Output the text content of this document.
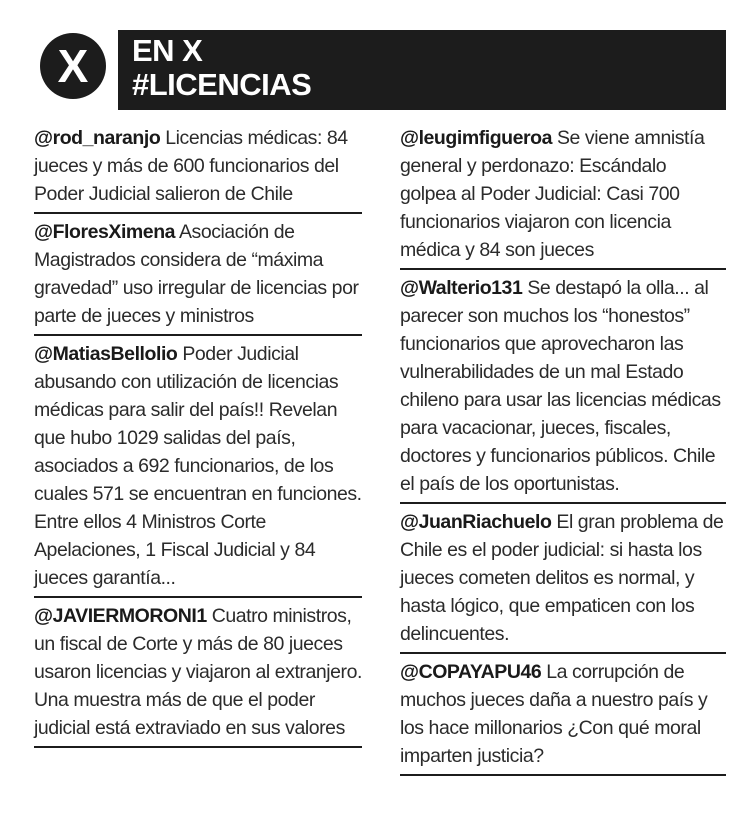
X	EN X
#LICENCIAS
@rod_naranjo Licencias médicas: 84 jueces y más de 600 funcionarios del Poder Judicial salieron de Chile
@FloresXimena Asociación de Magistrados considera de “máxima gravedad” uso irregular de licencias por parte de jueces y ministros
@MatiasBellolio Poder Judicial abusando con utilización de licencias médicas para salir del país!! Revelan que hubo 1029 salidas del país, asociados a 692 funcionarios, de los cuales 571 se encuentran en funciones. Entre ellos 4 Ministros Corte Apelaciones, 1 Fiscal Judicial y 84 jueces garantía...
@JAVIERMORONI1 Cuatro ministros, un fiscal de Corte y más de 80 jueces usaron licencias y viajaron al extranjero. Una muestra más de que el poder judicial está extraviado en sus valores
@leugimfigueroa Se viene amnistía general y perdonazo: Escándalo golpea al Poder Judicial: Casi 700 funcionarios viajaron con licencia médica y 84 son jueces
@Walterio131 Se destapó la olla... al parecer son muchos los “honestos” funcionarios que aprovecharon las vulnerabilidades de un mal Estado chileno para usar las licencias médicas para vacacionar, jueces, fiscales, doctores y funcionarios públicos. Chile el país de los oportunistas.
@JuanRiachuelo El gran problema de Chile es el poder judicial: si hasta los jueces cometen delitos es normal, y hasta lógico, que empaticen con los delincuentes.
@COPAYAPU46 La corrupción de muchos jueces daña a nuestro país y los hace millonarios ¿Con qué moral imparten justicia?
